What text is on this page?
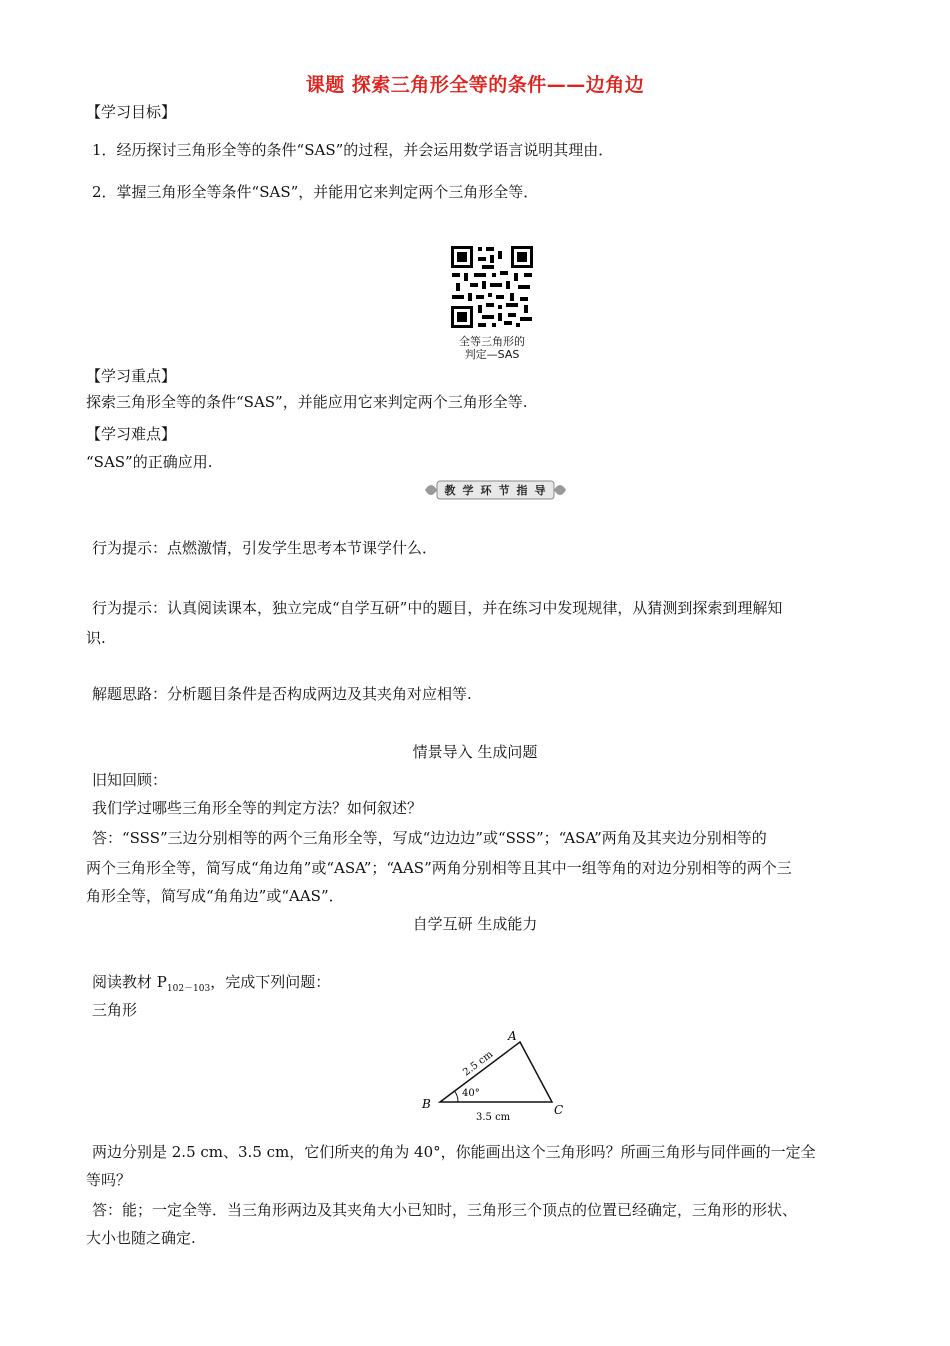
课题 探索三角形全等的条件——边角边
【学习目标】
1．经历探讨三角形全等的条件“SAS”的过程，并会运用数学语言说明其理由．
2．掌握三角形全等条件“SAS”，并能用它来判定两个三角形全等．
全等三角形的
判定—SAS
【学习重点】
探索三角形全等的条件“SAS”，并能应用它来判定两个三角形全等.
【学习难点】
“SAS”的正确应用.
教 学 环 节 指 导
行为提示：点燃激情，引发学生思考本节课学什么．
行为提示：认真阅读课本，独立完成“自学互研”中的题目，并在练习中发现规律，从猜测到探索到理解知
识.
解题思路：分析题目条件是否构成两边及其夹角对应相等.
情景导入 生成问题
旧知回顾：
我们学过哪些三角形全等的判定方法？如何叙述？
答：“SSS”三边分别相等的两个三角形全等，写成“边边边”或“SSS”；“ASA”两角及其夹边分别相等的
两个三角形全等，简写成“角边角”或“ASA”；“AAS”两角分别相等且其中一组等角的对边分别相等的两个三
角形全等，简写成“角角边”或“AAS”．
自学互研 生成能力
阅读教材 $P_{102-103}$，完成下列问题：
三角形
A
B	C
40°
3.5 cm
2.5 cm
两边分别是 2.5 cm、3.5 cm，它们所夹的角为 40°，你能画出这个三角形吗？所画三角形与同伴画的一定全
等吗？
答：能；一定全等．当三角形两边及其夹角大小已知时，三角形三个顶点的位置已经确定，三角形的形状、
大小也随之确定.
